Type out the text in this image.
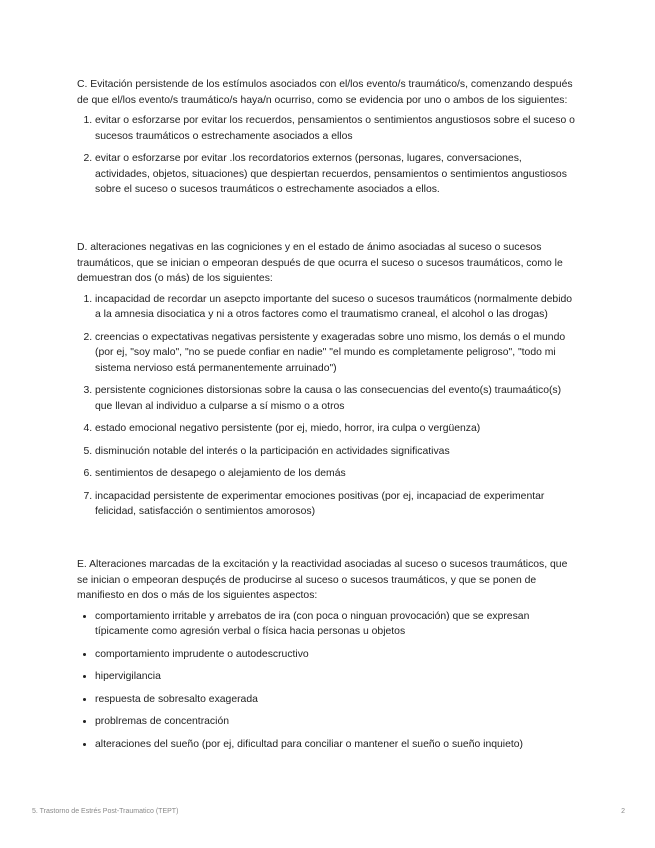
C. Evitación persistende de los estímulos asociados con el/los evento/s traumático/s, comenzando después de que el/los evento/s traumático/s haya/n ocurriso, como se evidencia por uno o ambos de los siguientes:

1. evitar o esforzarse por evitar los recuerdos, pensamientos o sentimientos angustiosos sobre el suceso o sucesos traumáticos o estrechamente asociados a ellos
2. evitar o esforzarse por evitar .los recordatorios externos (personas, lugares, conversaciones, actividades, objetos, situaciones) que despiertan recuerdos, pensamientos o sentimientos angustiosos sobre el suceso o sucesos traumáticos o estrechamente asociados a ellos.

D. alteraciones negativas en las cogniciones y en el estado de ánimo asociadas al suceso o sucesos traumáticos, que se inician o empeoran después de que ocurra el suceso o sucesos traumáticos, como le demuestran dos (o más) de los siguientes:

1. incapacidad de recordar un asepcto importante del suceso o sucesos traumáticos (normalmente debido a la amnesia disociatica y ni a otros factores como el traumatismo craneal, el alcohol o las drogas)
2. creencias o expectativas negativas persistente y exageradas sobre uno mismo, los demás o el mundo (por ej, "soy malo", "no se puede confiar en nadie" "el mundo es completamente peligroso", "todo mi sistema nervioso está permanentemente arruinado")
3. persistente cogniciones distorsionas sobre la causa o las consecuencias del evento(s) traumaático(s) que llevan al individuo a culparse a sí mismo o a otros
4. estado emocional negativo persistente (por ej, miedo, horror, ira culpa o vergüenza)
5. disminución notable del interés o la participación en actividades significativas
6. sentimientos de desapego o alejamiento de los demás
7. incapacidad persistente de experimentar emociones positivas (por ej, incapaciad de experimentar felicidad, satisfacción o sentimientos amorosos)

E. Alteraciones marcadas de la excitación y la reactividad asociadas al suceso o sucesos traumáticos, que se inician o empeoran despuçés de producirse al suceso o sucesos traumáticos, y que se ponen de manifiesto en dos o más de los siguientes aspectos:

• comportamiento irritable y arrebatos de ira (con poca o ninguan provocación) que se expresan típicamente como agresión verbal o física hacia personas u objetos
• comportamiento imprudente o autodescructivo
• hipervigilancia
• respuesta de sobresalto exagerada
• problremas de concentración
• alteraciones del sueño (por ej, dificultad para conciliar o mantener el sueño o sueño inquieto)
5. Trastorno de Estrés Post-Traumatico (TEPT)	2
